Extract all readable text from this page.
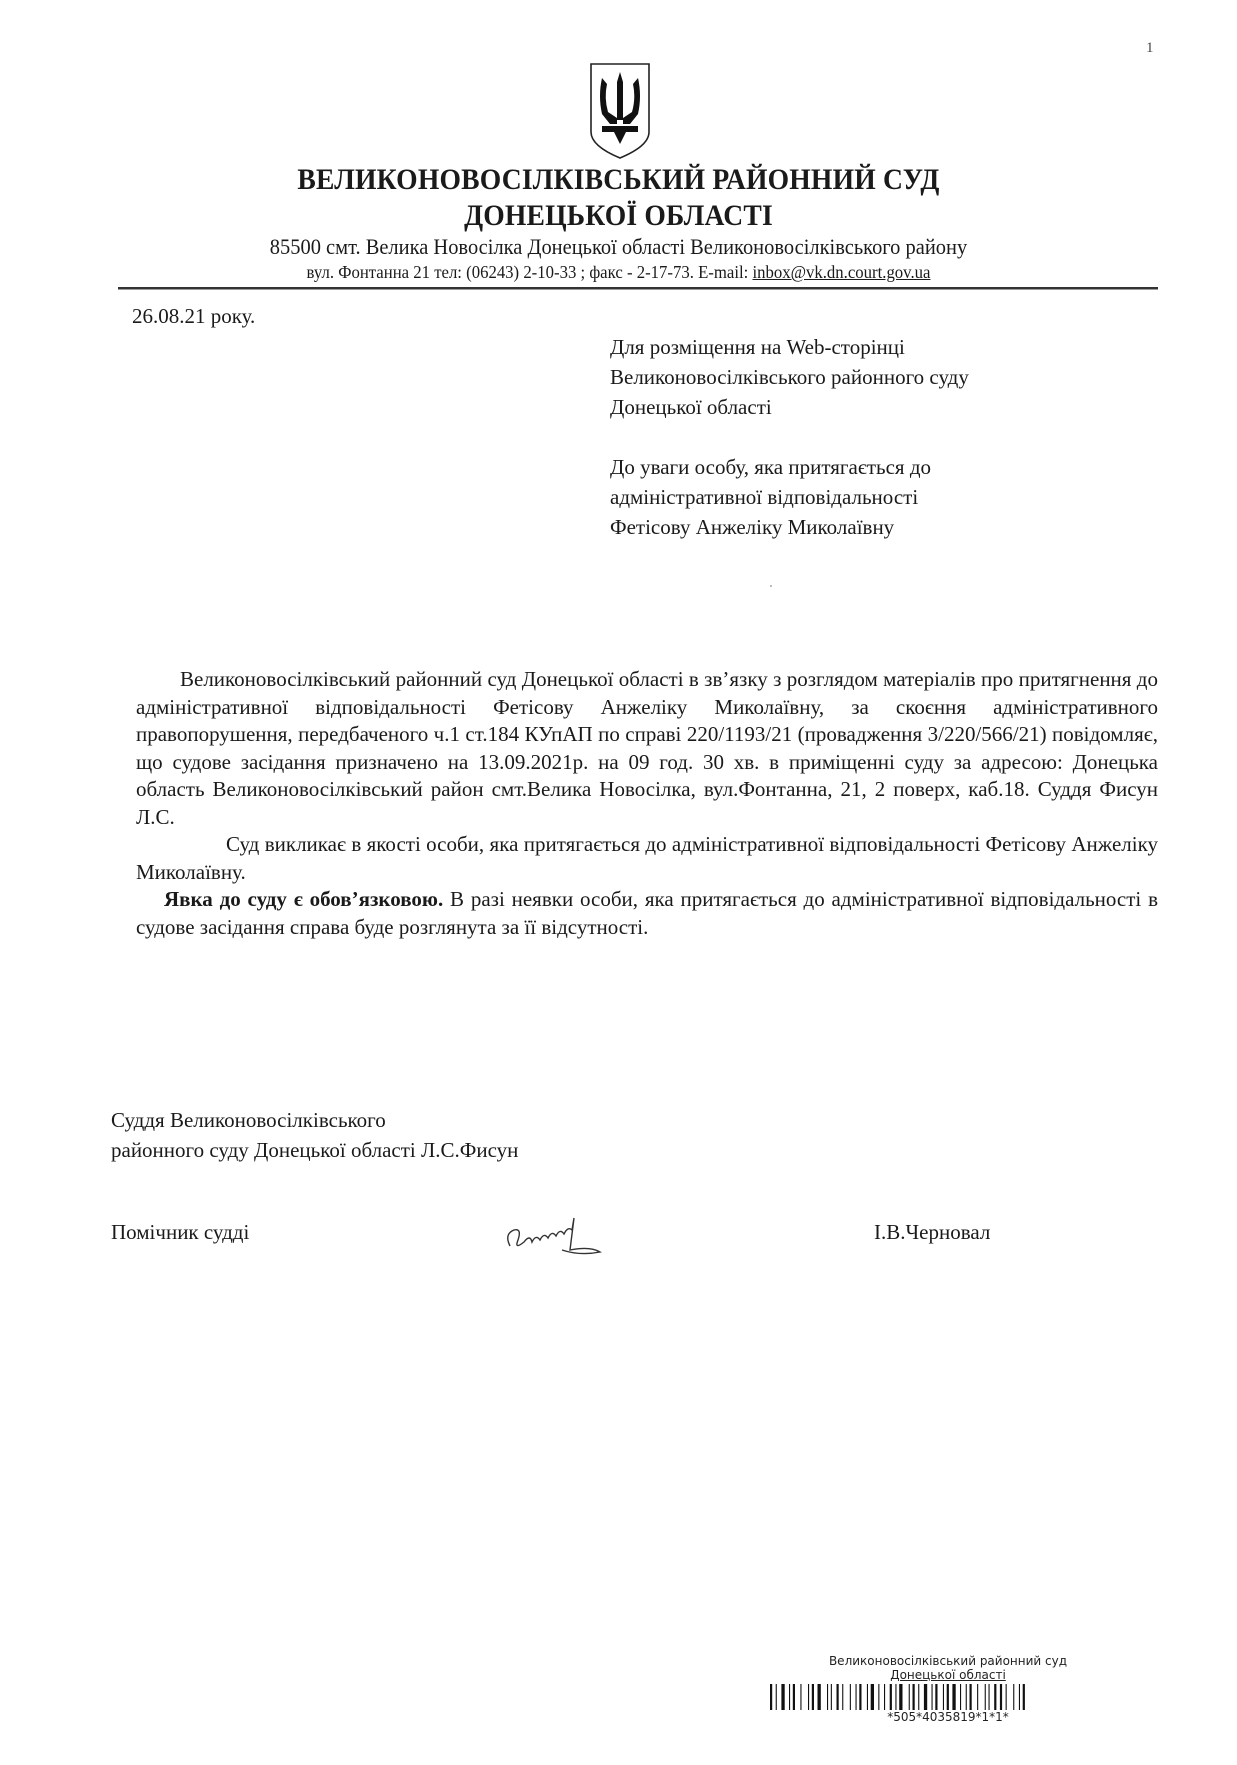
1
ВЕЛИКОНОВОСІЛКІВСЬКИЙ РАЙОННИЙ СУД
ДОНЕЦЬКОЇ ОБЛАСТІ
85500 смт. Велика Новосілка Донецької області Великоновосілківського району
вул. Фонтанна 21 тел: (06243) 2-10-33 ; факс - 2-17-73. E-mail: inbox@vk.dn.court.gov.ua
26.08.21 року.
Для розміщення на Web-сторінці
Великоновосілківського районного суду
Донецької області
До уваги особу, яка притягається до
адміністративної відповідальності
Фетісову Анжеліку Миколаївну

Великоновосілківський районний суд Донецької області в зв’язку з розглядом матеріалів про притягнення до адміністративної відповідальності Фетісову Анжеліку Миколаївну, за скоєння адміністративного правопорушення, передбаченого ч.1 ст.184 КУпАП по справі 220/1193/21 (провадження 3/220/566/21) повідомляє, що судове засідання призначено на 13.09.2021р. на 09 год. 30 хв. в приміщенні суду за адресою: Донецька область Великоновосілківський район смт.Велика Новосілка, вул.Фонтанна, 21, 2 поверх, каб.18. Суддя Фисун Л.С.

Суд викликає в якості особи, яка притягається до адміністративної відповідальності Фетісову Анжеліку Миколаївну.

Явка до суду є обов’язковою. В разі неявки особи, яка притягається до адміністративної відповідальності в судове засідання справа буде розглянута за її відсутності.

Суддя Великоновосілківського
районного суду Донецької області Л.С.Фисун
Помічник судді	І.В.Черновал
Великоновосілківський районний суд
Донецької області
*505*4035819*1*1*
